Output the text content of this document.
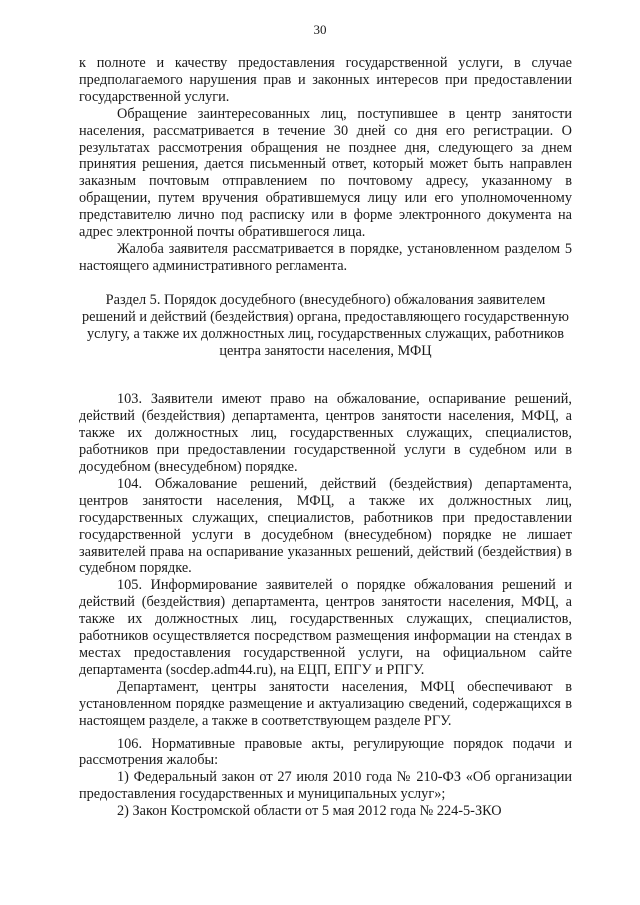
30

к полноте и качеству предоставления государственной услуги, в случае предполагаемого нарушения прав и законных интересов при предоставлении государственной услуги.

Обращение заинтересованных лиц, поступившее в центр занятости населения, рассматривается в течение 30 дней со дня его регистрации. О результатах рассмотрения обращения не позднее дня, следующего за днем принятия решения, дается письменный ответ, который может быть направлен заказным почтовым отправлением по почтовому адресу, указанному в обращении, путем вручения обратившемуся лицу или его уполномоченному представителю лично под расписку или в форме электронного документа на адрес электронной почты обратившегося лица.

Жалоба заявителя рассматривается в порядке, установленном разделом 5 настоящего административного регламента.

Раздел 5. Порядок досудебного (внесудебного) обжалования заявителем решений и действий (бездействия) органа, предоставляющего государственную услугу, а также их должностных лиц, государственных служащих, работников центра занятости населения, МФЦ

103. Заявители имеют право на обжалование, оспаривание решений, действий (бездействия) департамента, центров занятости населения, МФЦ, а также их должностных лиц, государственных служащих, специалистов, работников при предоставлении государственной услуги в судебном или в досудебном (внесудебном) порядке.

104. Обжалование решений, действий (бездействия) департамента, центров занятости населения, МФЦ, а также их должностных лиц, государственных служащих, специалистов, работников при предоставлении государственной услуги в досудебном (внесудебном) порядке не лишает заявителей права на оспаривание указанных решений, действий (бездействия) в судебном порядке.

105. Информирование заявителей о порядке обжалования решений и действий (бездействия) департамента, центров занятости населения, МФЦ, а также их должностных лиц, государственных служащих, специалистов, работников осуществляется посредством размещения информации на стендах в местах предоставления государственной услуги, на официальном сайте департамента (socdep.adm44.ru), на ЕЦП, ЕПГУ и РПГУ.

Департамент, центры занятости населения, МФЦ обеспечивают в установленном порядке размещение и актуализацию сведений, содержащихся в настоящем разделе, а также в соответствующем разделе РГУ.

106. Нормативные правовые акты, регулирующие порядок подачи и рассмотрения жалобы:

1) Федеральный закон от 27 июля 2010 года № 210-ФЗ «Об организации предоставления государственных и муниципальных услуг»;

2) Закон Костромской области от 5 мая 2012 года № 224-5-ЗКО
